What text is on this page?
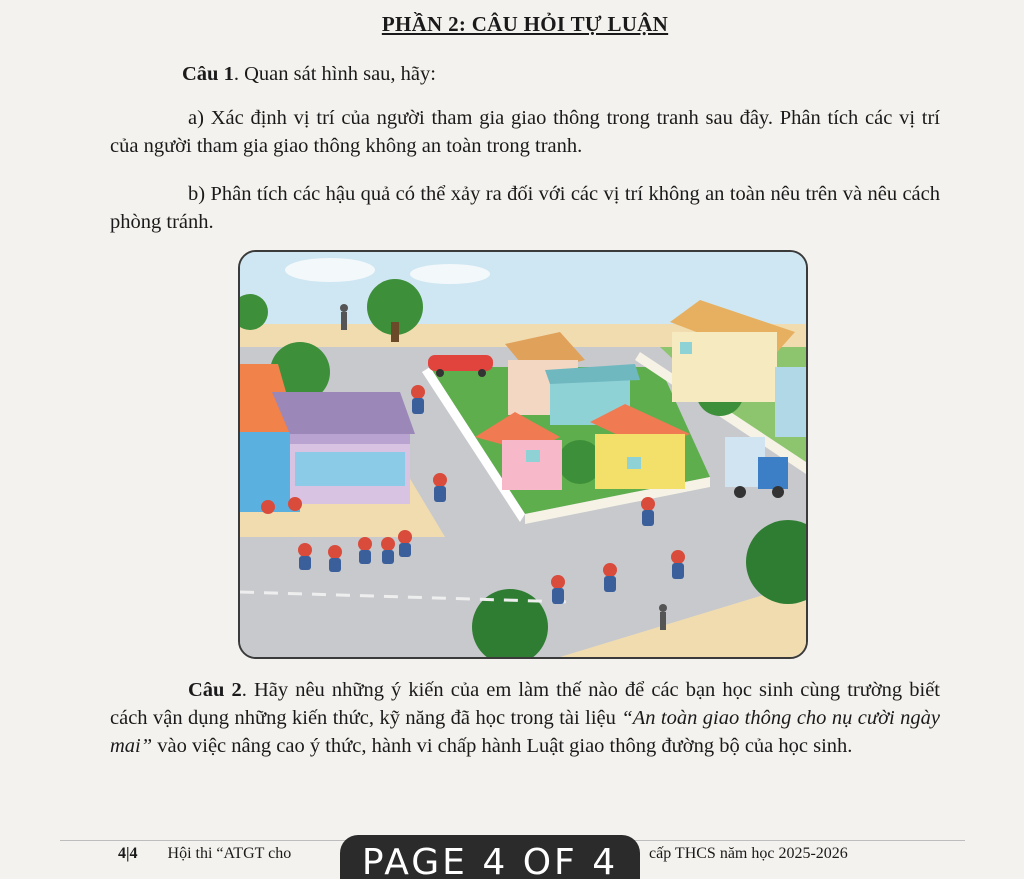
PHẦN 2: CÂU HỎI TỰ LUẬN

Câu 1. Quan sát hình sau, hãy:

a) Xác định vị trí của người tham gia giao thông trong tranh sau đây. Phân tích các vị trí của người tham gia giao thông không an toàn trong tranh.

b) Phân tích các hậu quả có thể xảy ra đối với các vị trí không an toàn nêu trên và nêu cách phòng tránh.

Câu 2. Hãy nêu những ý kiến của em làm thế nào để các bạn học sinh cùng trường biết cách vận dụng những kiến thức, kỹ năng đã học trong tài liệu “An toàn giao thông cho nụ cười ngày mai” vào việc nâng cao ý thức, hành vi chấp hành Luật giao thông đường bộ của học sinh.

4|4 Hội thi “ATGT cho	PAGE 4 OF 4	cấp THCS năm học 2025-2026
